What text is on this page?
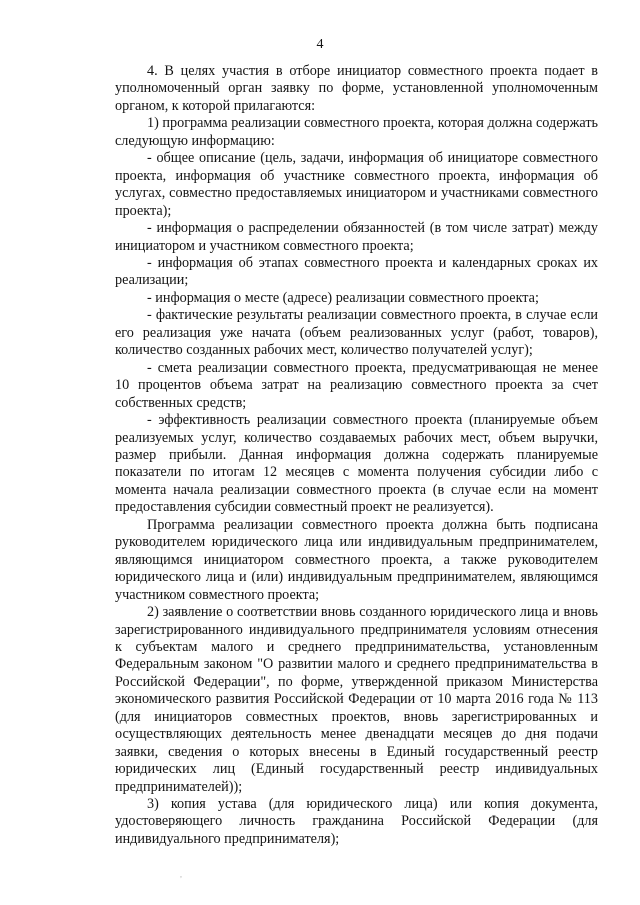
4

4. В целях участия в отборе инициатор совместного проекта подает в уполномоченный орган заявку по форме, установленной уполномоченным органом, к которой прилагаются:

1) программа реализации совместного проекта, которая должна содержать следующую информацию:

- общее описание (цель, задачи, информация об инициаторе совместного проекта, информация об участнике совместного проекта, информация об услугах, совместно предоставляемых инициатором и участниками совместного проекта);

- информация о распределении обязанностей (в том числе затрат) между инициатором и участником совместного проекта;

- информация об этапах совместного проекта и календарных сроках их реализации;

- информация о месте (адресе) реализации совместного проекта;

- фактические результаты реализации совместного проекта, в случае если его реализация уже начата (объем реализованных услуг (работ, товаров), количество созданных рабочих мест, количество получателей услуг);

- смета реализации совместного проекта, предусматривающая не менее 10 процентов объема затрат на реализацию совместного проекта за счет собственных средств;

- эффективность реализации совместного проекта (планируемые объем реализуемых услуг, количество создаваемых рабочих мест, объем выручки, размер прибыли. Данная информация должна содержать планируемые показатели по итогам 12 месяцев с момента получения субсидии либо с момента начала реализации совместного проекта (в случае если на момент предоставления субсидии совместный проект не реализуется).

Программа реализации совместного проекта должна быть подписана руководителем юридического лица или индивидуальным предпринимателем, являющимся инициатором совместного проекта, а также руководителем юридического лица и (или) индивидуальным предпринимателем, являющимся участником совместного проекта;

2) заявление о соответствии вновь созданного юридического лица и вновь зарегистрированного индивидуального предпринимателя условиям отнесения к субъектам малого и среднего предпринимательства, установленным Федеральным законом "О развитии малого и среднего предпринимательства в Российской Федерации", по форме, утвержденной приказом Министерства экономического развития Российской Федерации от 10 марта 2016 года № 113 (для инициаторов совместных проектов, вновь зарегистрированных и осуществляющих деятельность менее двенадцати месяцев до дня подачи заявки, сведения о которых внесены в Единый государственный реестр юридических лиц (Единый государственный реестр индивидуальных предпринимателей));

3) копия устава (для юридического лица) или копия документа, удостоверяющего личность гражданина Российской Федерации (для индивидуального предпринимателя);

,
